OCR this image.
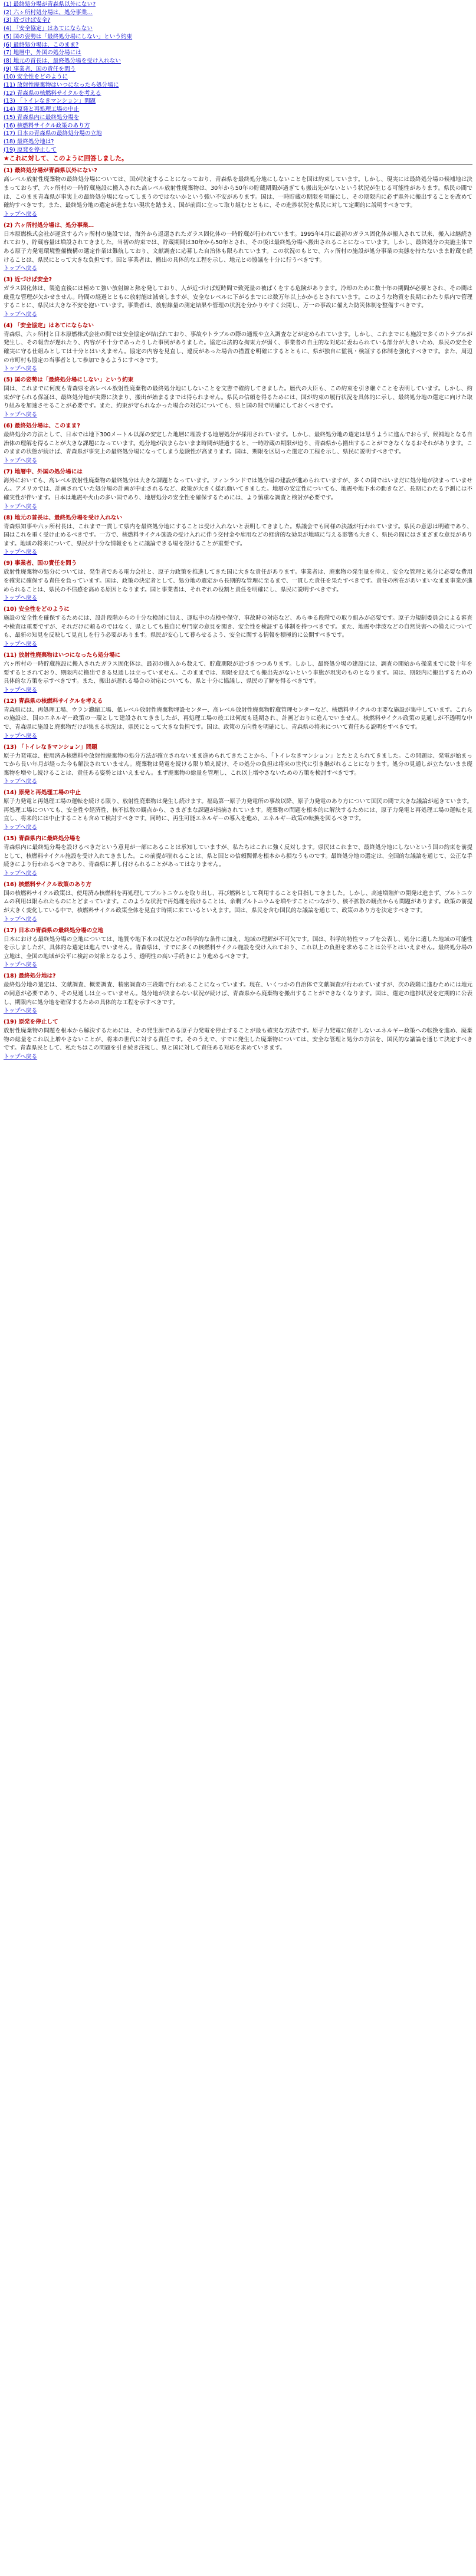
(1) 最終処分場が青森県以外にない?
(2) 六ヶ所村処分場は、処分事業…
(3) 近づけば安全?
(4) 「安全協定」はあてにならない
(5) 国の姿勢は「最終処分場にしない」という約束
(6) 最終処分場は、このまま?
(7) 地層中、外国の処分場には
(8) 地元の首長は、最終処分場を受け入れない
(9) 事業者、国の責任を問う
(10) 安全性をどのように
(11) 放射性廃棄物はいつになったら処分場に
(12) 青森県の核燃料サイクルを考える
(13) 「トイレなきマンション」問題
(14) 原発と再処理工場の中止
(15) 青森県内に最終処分場を
(16) 核燃料サイクル政策のあり方
(17) 日本の青森県の最終処分場の立地
(18) 最終処分地は?
(19) 原発を停止して

★これに対して、このように回答しました。

(1) 最終処分場が青森県以外にない?

高レベル放射性廃棄物の最終処分場については、国が決定することになっており、青森県を最終処分地にしないことを国は約束しています。しかし、現実には最終処分場の候補地は決まっておらず、六ヶ所村の一時貯蔵施設に搬入された高レベル放射性廃棄物は、30年から50年の貯蔵期間が過ぎても搬出先がないという状況が生じる可能性があります。県民の間では、このまま青森県が事実上の最終処分場になってしまうのではないかという強い不安があります。国は、一時貯蔵の期限を明確にし、その期限内に必ず県外に搬出することを改めて確約すべきです。また、最終処分地の選定が進まない現状を踏まえ、国が前面に立って取り組むとともに、その進捗状況を県民に対して定期的に説明すべきです。

トップへ戻る

(2) 六ヶ所村処分場は、処分事業…

日本原燃株式会社が運営する六ヶ所村の施設では、海外から返還されたガラス固化体の一時貯蔵が行われています。1995年4月に最初のガラス固化体が搬入されて以来、搬入は継続されており、貯蔵容量は増設されてきました。当初の約束では、貯蔵期間は30年から50年とされ、その後は最終処分場へ搬出されることになっています。しかし、最終処分の実施主体である原子力発電環境整備機構の選定作業は難航しており、文献調査に応募した自治体も限られています。この状況のもとで、六ヶ所村の施設が処分事業の実態を持たないまま貯蔵を続けることは、県民にとって大きな負担です。国と事業者は、搬出の具体的な工程を示し、地元との協議を十分に行うべきです。

トップへ戻る

(3) 近づけば安全?

ガラス固化体は、製造直後には極めて強い放射線と熱を発しており、人が近づけば短時間で致死量の被ばくをする危険があります。冷却のために数十年の期間が必要とされ、その間は厳重な管理が欠かせません。時間の経過とともに放射能は減衰しますが、安全なレベルに下がるまでには数万年以上かかるとされています。このような物質を長期にわたり県内で管理することに、県民は大きな不安を抱いています。事業者は、放射線量の測定結果や管理の状況を分かりやすく公開し、万一の事故に備えた防災体制を整備すべきです。

トップへ戻る

(4) 「安全協定」はあてにならない

青森県、六ヶ所村と日本原燃株式会社の間では安全協定が結ばれており、事故やトラブルの際の通報や立入調査などが定められています。しかし、これまでにも施設で多くのトラブルが発生し、その報告が遅れたり、内容が不十分であったりした事例がありました。協定は法的な拘束力が弱く、事業者の自主的な対応に委ねられている部分が大きいため、県民の安全を確実に守る仕組みとしては十分とはいえません。協定の内容を見直し、違反があった場合の措置を明確にするとともに、県が独自に監視・検証する体制を強化すべきです。また、周辺の市町村も協定の当事者として参加できるようにすべきです。

トップへ戻る

(5) 国の姿勢は「最終処分場にしない」という約束

国は、これまでに何度も青森県を高レベル放射性廃棄物の最終処分地にしないことを文書で確約してきました。歴代の大臣も、この約束を引き継ぐことを表明しています。しかし、約束が守られる保証は、最終処分地が実際に決まり、搬出が始まるまでは得られません。県民の信頼を得るためには、国が約束の履行状況を具体的に示し、最終処分地の選定に向けた取り組みを加速させることが必要です。また、約束が守られなかった場合の対応についても、県と国の間で明確にしておくべきです。

トップへ戻る

(6) 最終処分場は、このまま?

最終処分の方法として、日本では地下300メートル以深の安定した地層に埋設する地層処分が採用されています。しかし、最終処分地の選定は思うように進んでおらず、候補地となる自治体の理解を得ることが大きな課題になっています。処分地が決まらないまま時間が経過すると、一時貯蔵の期限が迫り、青森県から搬出することができなくなるおそれがあります。このままの状態が続けば、青森県が事実上の最終処分場になってしまう危険性が高まります。国は、期限を区切った選定の工程を示し、県民に説明すべきです。

トップへ戻る

(7) 地層中、外国の処分場には

海外においても、高レベル放射性廃棄物の最終処分は大きな課題となっています。フィンランドでは処分場の建設が進められていますが、多くの国ではいまだに処分地が決まっていません。アメリカでは、計画されていた処分場の計画が中止されるなど、政策が大きく揺れ動いてきました。地層の安定性についても、地震や地下水の動きなど、長期にわたる予測には不確実性が伴います。日本は地震や火山の多い国であり、地層処分の安全性を確保するためには、より慎重な調査と検討が必要です。

トップへ戻る

(8) 地元の首長は、最終処分場を受け入れない

青森県知事や六ヶ所村長は、これまで一貫して県内を最終処分地にすることは受け入れないと表明してきました。県議会でも同様の決議が行われています。県民の意思は明確であり、国はこれを重く受け止めるべきです。一方で、核燃料サイクル施設の受け入れに伴う交付金や雇用などの経済的な効果が地域に与える影響も大きく、県民の間にはさまざまな意見があります。地域の将来について、県民が十分な情報をもとに議論できる場を設けることが重要です。

トップへ戻る

(9) 事業者、国の責任を問う

放射性廃棄物の処分については、発生者である電力会社と、原子力政策を推進してきた国に大きな責任があります。事業者は、廃棄物の発生量を抑え、安全な管理と処分に必要な費用を確実に確保する責任を負っています。国は、政策の決定者として、処分地の選定から長期的な管理に至るまで、一貫した責任を果たすべきです。責任の所在があいまいなまま事業が進められることは、県民の不信感を高める原因となります。国と事業者は、それぞれの役割と責任を明確にし、県民に説明すべきです。

トップへ戻る

(10) 安全性をどのように

施設の安全性を確保するためには、設計段階からの十分な検討に加え、運転中の点検や保守、事故時の対応など、あらゆる段階での取り組みが必要です。原子力規制委員会による審査や検査は重要ですが、それだけに頼るのではなく、県としても独自に専門家の意見を聞き、安全性を検証する体制を持つべきです。また、地震や津波などの自然災害への備えについても、最新の知見を反映して見直しを行う必要があります。県民が安心して暮らせるよう、安全に関する情報を積極的に公開すべきです。

トップへ戻る

(11) 放射性廃棄物はいつになったら処分場に

六ヶ所村の一時貯蔵施設に搬入されたガラス固化体は、最初の搬入から数えて、貯蔵期限が近づきつつあります。しかし、最終処分場の建設には、調査の開始から操業までに数十年を要するとされており、期限内に搬出できる見通しは立っていません。このままでは、期限を迎えても搬出先がないという事態が現実のものとなります。国は、期限内に搬出するための具体的な方策を示すべきです。また、搬出が遅れる場合の対応についても、県と十分に協議し、県民の了解を得るべきです。

トップへ戻る

(12) 青森県の核燃料サイクルを考える

青森県には、再処理工場、ウラン濃縮工場、低レベル放射性廃棄物埋設センター、高レベル放射性廃棄物貯蔵管理センターなど、核燃料サイクルの主要な施設が集中しています。これらの施設は、国のエネルギー政策の一環として建設されてきましたが、再処理工場の竣工は何度も延期され、計画どおりに進んでいません。核燃料サイクル政策の見通しが不透明な中で、青森県に施設と廃棄物だけが集まる状況は、県民にとって大きな負担です。国は、政策の方向性を明確にし、青森県の将来について責任ある説明をすべきです。

トップへ戻る

(13) 「トイレなきマンション」問題

原子力発電は、使用済み核燃料や放射性廃棄物の処分方法が確立されないまま進められてきたことから、「トイレなきマンション」とたとえられてきました。この問題は、発電が始まってから長い年月が経った今も解決されていません。廃棄物は発電を続ける限り増え続け、その処分の負担は将来の世代に引き継がれることになります。処分の見通しが立たないまま廃棄物を増やし続けることは、責任ある姿勢とはいえません。まず廃棄物の総量を管理し、これ以上増やさないための方策を検討すべきです。

トップへ戻る

(14) 原発と再処理工場の中止

原子力発電と再処理工場の運転を続ける限り、放射性廃棄物は発生し続けます。福島第一原子力発電所の事故以降、原子力発電のあり方について国民の間で大きな議論が起きています。再処理工場についても、安全性や経済性、核不拡散の観点から、さまざまな課題が指摘されています。廃棄物の問題を根本的に解決するためには、原子力発電と再処理工場の運転を見直し、将来的には中止することも含めて検討すべきです。同時に、再生可能エネルギーの導入を進め、エネルギー政策の転換を図るべきです。

トップへ戻る

(15) 青森県内に最終処分場を

青森県内に最終処分場を設けるべきだという意見が一部にあることは承知していますが、私たちはこれに強く反対します。県民はこれまで、最終処分地にしないという国の約束を前提として、核燃料サイクル施設を受け入れてきました。この前提が崩れることは、県と国との信頼関係を根本から損なうものです。最終処分地の選定は、全国的な議論を通じて、公正な手続きにより行われるべきであり、青森県に押し付けられることがあってはなりません。

トップへ戻る

(16) 核燃料サイクル政策のあり方

国の核燃料サイクル政策は、使用済み核燃料を再処理してプルトニウムを取り出し、再び燃料として利用することを目指してきました。しかし、高速増殖炉の開発は進まず、プルトニウムの利用は限られたものにとどまっています。このような状況で再処理を続けることは、余剰プルトニウムを増やすことにつながり、核不拡散の観点からも問題があります。政策の前提が大きく変化している中で、核燃料サイクル政策全体を見直す時期に来ているといえます。国は、県民を含む国民的な議論を通じて、政策のあり方を決定すべきです。

トップへ戻る

(17) 日本の青森県の最終処分場の立地

日本における最終処分場の立地については、地質や地下水の状況などの科学的な条件に加え、地域の理解が不可欠です。国は、科学的特性マップを公表し、処分に適した地域の可能性を示しましたが、具体的な選定は進んでいません。青森県は、すでに多くの核燃料サイクル施設を受け入れており、これ以上の負担を求めることは公平とはいえません。最終処分場の立地は、全国の地域が公平に検討の対象となるよう、透明性の高い手続きにより進めるべきです。

トップへ戻る

(18) 最終処分地は?

最終処分地の選定は、文献調査、概要調査、精密調査の三段階で行われることになっています。現在、いくつかの自治体で文献調査が行われていますが、次の段階に進むためには地元の同意が必要であり、その見通しは立っていません。処分地が決まらない状況が続けば、青森県から廃棄物を搬出することができなくなります。国は、選定の進捗状況を定期的に公表し、期限内に処分地を確保するための具体的な工程を示すべきです。

トップへ戻る

(19) 原発を停止して

放射性廃棄物の問題を根本から解決するためには、その発生源である原子力発電を停止することが最も確実な方法です。原子力発電に依存しないエネルギー政策への転換を進め、廃棄物の総量をこれ以上増やさないことが、将来の世代に対する責任です。そのうえで、すでに発生した廃棄物については、安全な管理と処分の方法を、国民的な議論を通じて決定すべきです。青森県民として、私たちはこの問題を引き続き注視し、県と国に対して責任ある対応を求めていきます。

トップへ戻る
